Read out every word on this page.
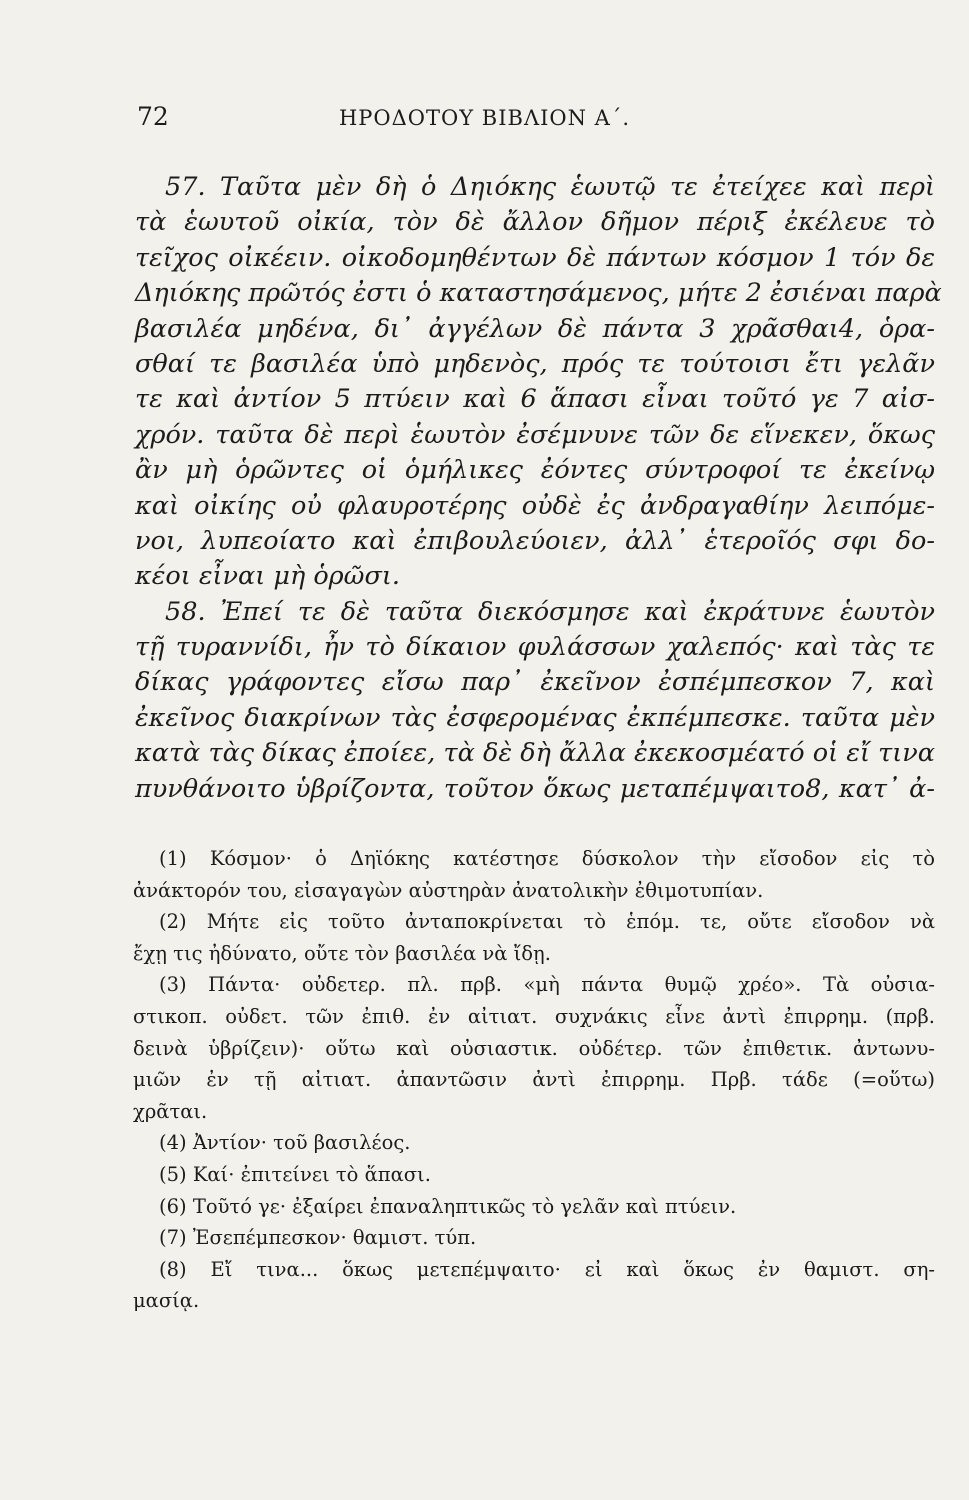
72	ΗΡΟΔΟΤΟΥ ΒΙΒΛΙΟΝ Α΄.
57. Ταῦτα μὲν δὴ ὁ Δηιόκης ἑωυτῷ τε ἐτείχεε καὶ περὶ
τὰ ἑωυτοῦ οἰκία, τὸν δὲ ἄλλον δῆμον πέριξ ἐκέλευε τὸ
τεῖχος οἰκέειν. οἰκοδομηθέντων δὲ πάντων κόσμον 1 τόν δε
Δηιόκης πρῶτός ἐστι ὁ καταστησάμενος, μήτε 2 ἐσιέναι παρὰ
βασιλέα μηδένα, δι᾽ ἀγγέλων δὲ πάντα 3 χρᾶσθαι4, ὁρα-
σθαί τε βασιλέα ὑπὸ μηδενὸς, πρός τε τούτοισι ἔτι γελᾶν
τε καὶ ἀντίον 5 πτύειν καὶ 6 ἅπασι εἶναι τοῦτό γε 7 αἰσ-
χρόν. ταῦτα δὲ περὶ ἑωυτὸν ἐσέμνυνε τῶν δε εἵνεκεν, ὅκως
ἂν μὴ ὁρῶντες οἱ ὁμήλικες ἐόντες σύντροφοί τε ἐκείνῳ
καὶ οἰκίης οὐ φλαυροτέρης οὐδὲ ἐς ἀνδραγαθίην λειπόμε-
νοι, λυπεοίατο καὶ ἐπιβουλεύοιεν, ἀλλ᾽ ἑτεροῖός σφι δο-
κέοι εἶναι μὴ ὁρῶσι.
58. Ἐπεί τε δὲ ταῦτα διεκόσμησε καὶ ἐκράτυνε ἑωυτὸν
τῇ τυραννίδι, ἦν τὸ δίκαιον φυλάσσων χαλεπός· καὶ τὰς τε
δίκας γράφοντες εἴσω παρ᾽ ἐκεῖνον ἐσπέμπεσκον 7, καὶ
ἐκεῖνος διακρίνων τὰς ἐσφερομένας ἐκπέμπεσκε. ταῦτα μὲν
κατὰ τὰς δίκας ἐποίεε, τὰ δὲ δὴ ἄλλα ἐκεκοσμέατό οἱ εἴ τινα
πυνθάνοιτο ὑβρίζοντα, τοῦτον ὅκως μεταπέμψαιτο8, κατ᾽ ἀ-
(1) Κόσμον· ὁ Δηϊόκης κατέστησε δύσκολον τὴν εἴσοδον εἰς τὸ
ἀνάκτορόν του, εἰσαγαγὼν αὐστηρὰν ἀνατολικὴν ἐθιμοτυπίαν.
(2) Μήτε εἰς τοῦτο ἀνταποκρίνεται τὸ ἑπόμ. τε, οὔτε εἴσοδον νὰ
ἔχῃ τις ἠδύνατο, οὔτε τὸν βασιλέα νὰ ἴδῃ.
(3) Πάντα· οὐδετερ. πλ. πρβ. «μὴ πάντα θυμῷ χρέο». Τὰ οὐσια-
στικοπ. οὐδετ. τῶν ἐπιθ. ἐν αἰτιατ. συχνάκις εἶνε ἀντὶ ἐπιρρημ. (πρβ.
δεινὰ ὑβρίζειν)· οὕτω καὶ οὐσιαστικ. οὐδέτερ. τῶν ἐπιθετικ. ἀντωνυ-
μιῶν ἐν τῇ αἰτιατ. ἀπαντῶσιν ἀντὶ ἐπιρρημ. Πρβ. τάδε (=οὕτω)
χρᾶται.
(4) Ἀντίον· τοῦ βασιλέος.
(5) Καί· ἐπιτείνει τὸ ἅπασι.
(6) Τοῦτό γε· ἐξαίρει ἐπαναληπτικῶς τὸ γελᾶν καὶ πτύειν.
(7) Ἐσεπέμπεσκον· θαμιστ. τύπ.
(8) Εἴ τινα... ὅκως μετεπέμψαιτο· εἰ καὶ ὅκως ἐν θαμιστ. ση-
μασίᾳ.
